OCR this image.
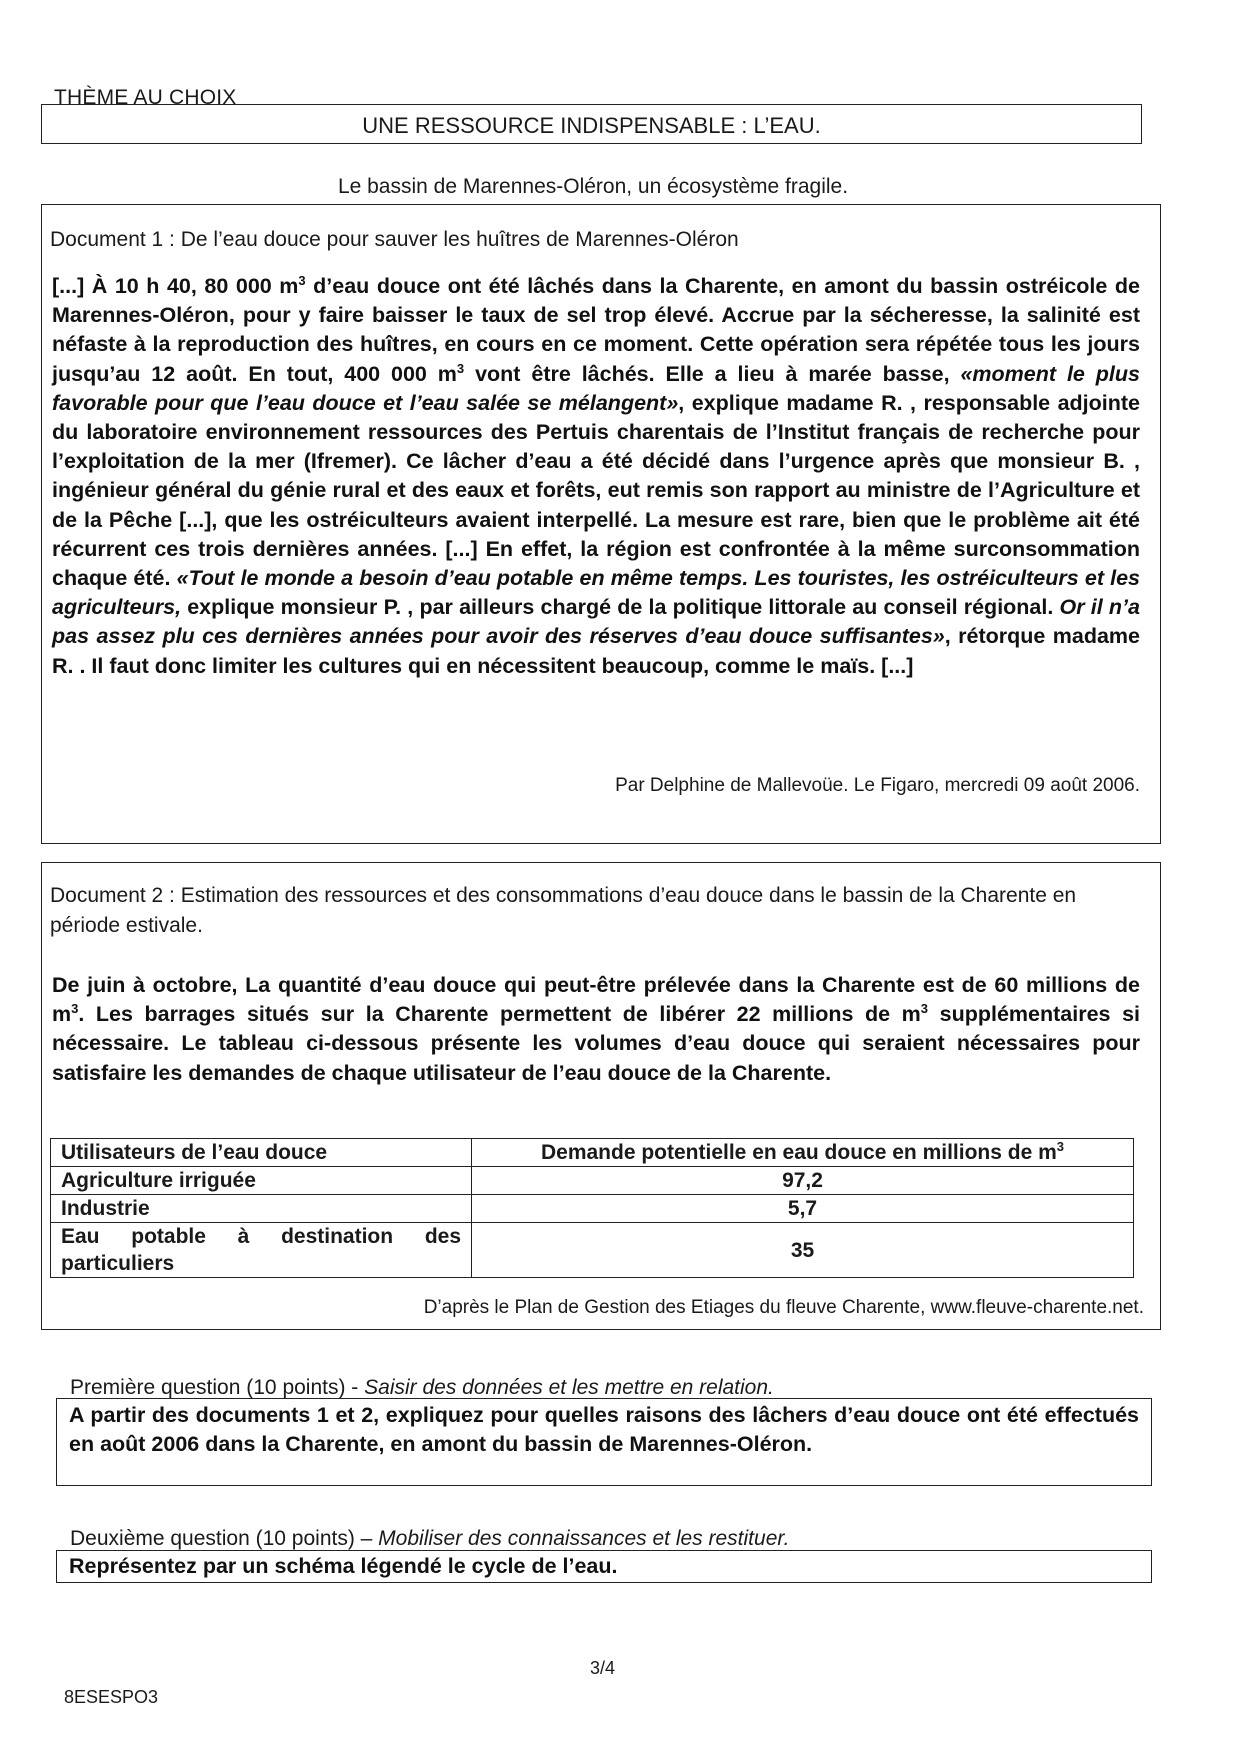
THÈME AU CHOIX
UNE RESSOURCE INDISPENSABLE : L’EAU.
Le bassin de Marennes-Oléron, un écosystème fragile.
Document 1 : De l’eau douce pour sauver les huîtres de Marennes-Oléron
[...] À 10 h 40, 80 000 $m^3$ d’eau douce ont été lâchés dans la Charente, en amont du bassin ostréicole de Marennes-Oléron, pour y faire baisser le taux de sel trop élevé. Accrue par la sécheresse, la salinité est néfaste à la reproduction des huîtres, en cours en ce moment. Cette opération sera répétée tous les jours jusqu’au 12 août. En tout, 400 000 $m^3$ vont être lâchés. Elle a lieu à marée basse, «moment le plus favorable pour que l’eau douce et l’eau salée se mélangent», explique madame R. , responsable adjointe du laboratoire environnement ressources des Pertuis charentais de l’Institut français de recherche pour l’exploitation de la mer (Ifremer). Ce lâcher d’eau a été décidé dans l’urgence après que monsieur B. , ingénieur général du génie rural et des eaux et forêts, eut remis son rapport au ministre de l’Agriculture et de la Pêche [...], que les ostréiculteurs avaient interpellé. La mesure est rare, bien que le problème ait été récurrent ces trois dernières années. [...] En effet, la région est confrontée à la même surconsommation chaque été. «Tout le monde a besoin d’eau potable en même temps. Les touristes, les ostréiculteurs et les agriculteurs, explique monsieur P. , par ailleurs chargé de la politique littorale au conseil régional. Or il n’a pas assez plu ces dernières années pour avoir des réserves d’eau douce suffisantes», rétorque madame R. . Il faut donc limiter les cultures qui en nécessitent beaucoup, comme le maïs. [...]
Par Delphine de Mallevoüe. Le Figaro, mercredi 09 août 2006.
Document 2 : Estimation des ressources et des consommations d’eau douce dans le bassin de la Charente en période estivale.
De juin à octobre, La quantité d’eau douce qui peut-être prélevée dans la Charente est de 60 millions de $m^3$. Les barrages situés sur la Charente permettent de libérer 22 millions de $m^3$ supplémentaires si nécessaire. Le tableau ci-dessous présente les volumes d’eau douce qui seraient nécessaires pour satisfaire les demandes de chaque utilisateur de l’eau douce de la Charente.
D’après le Plan de Gestion des Etiages du fleuve Charente, www.fleuve-charente.net.
Utilisateurs de l’eau douce	Demande potentielle en eau douce en millions de $m^3$
Agriculture irriguée	97,2
Industrie	5,7
Eau potable à destination des particuliers	35
Première question (10 points) - Saisir des données et les mettre en relation.
A partir des documents 1 et 2, expliquez pour quelles raisons des lâchers d’eau douce ont été effectués en août 2006 dans la Charente, en amont du bassin de Marennes-Oléron.
Deuxième question (10 points) – Mobiliser des connaissances et les restituer.
Représentez par un schéma légendé le cycle de l’eau.
3/4
8ESESPO3
